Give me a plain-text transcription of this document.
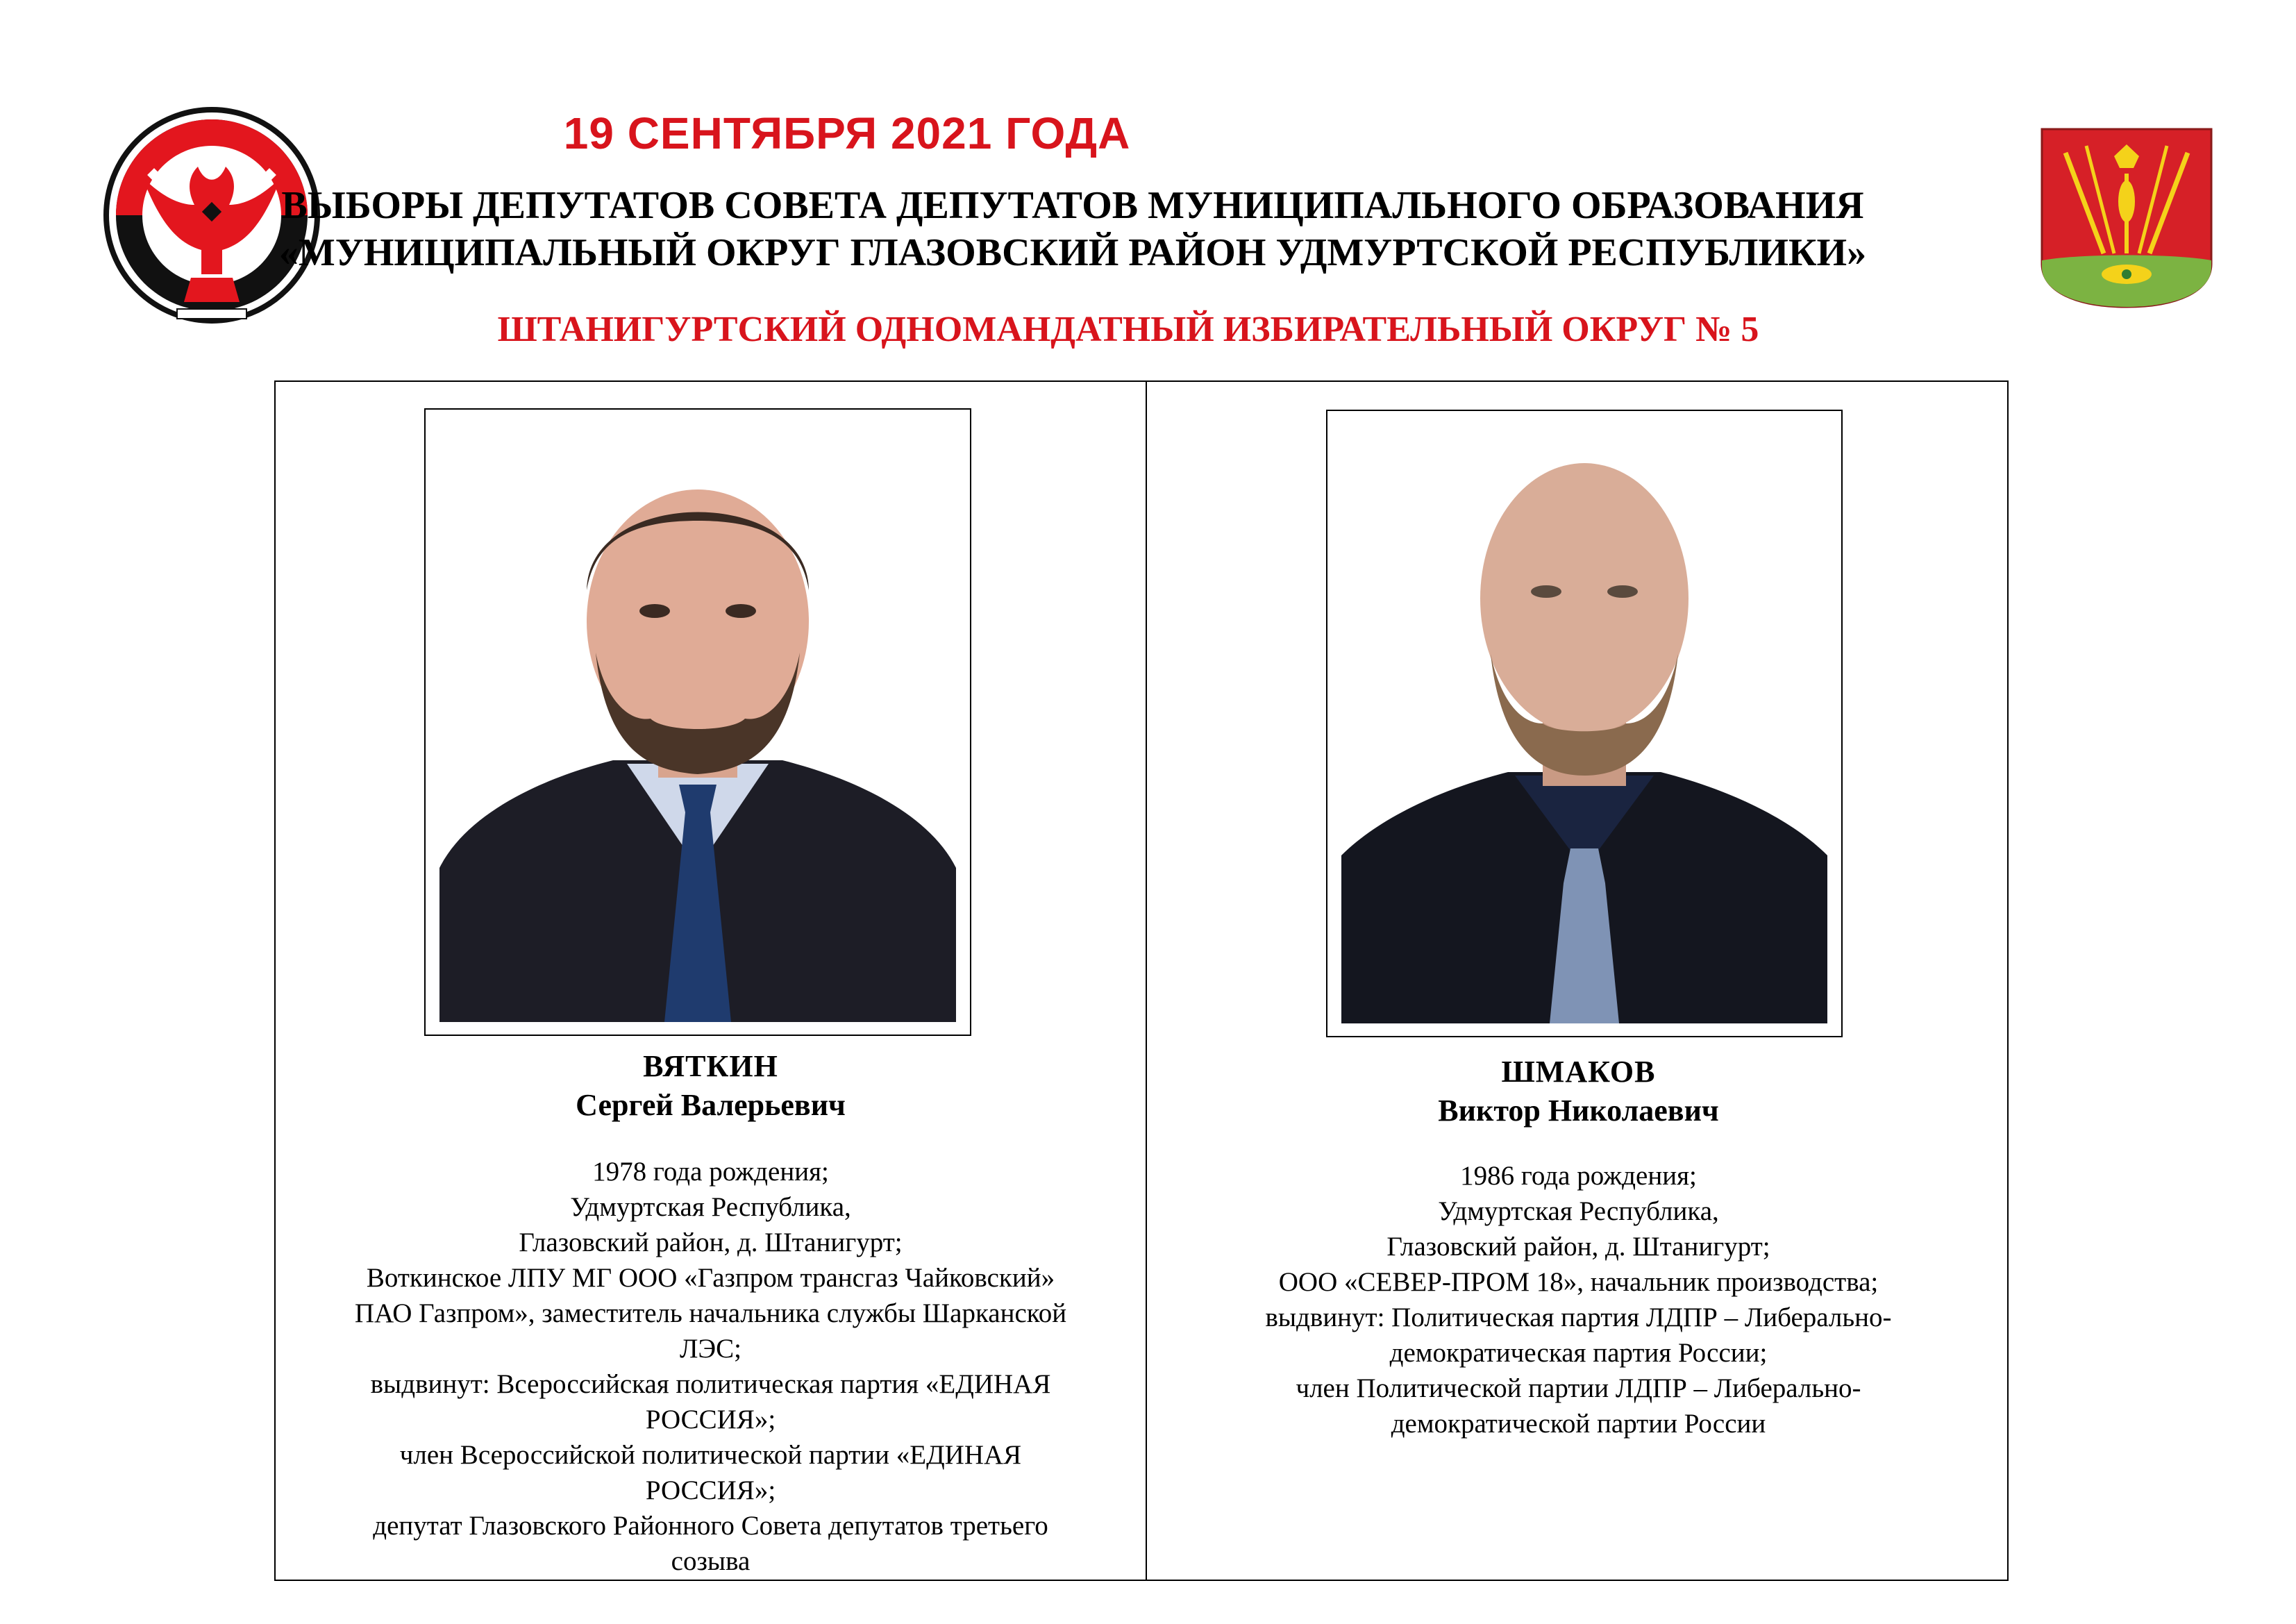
19 СЕНТЯБРЯ 2021 ГОДА
ВЫБОРЫ ДЕПУТАТОВ СОВЕТА ДЕПУТАТОВ МУНИЦИПАЛЬНОГО ОБРАЗОВАНИЯ
«МУНИЦИПАЛЬНЫЙ ОКРУГ ГЛАЗОВСКИЙ РАЙОН УДМУРТСКОЙ РЕСПУБЛИКИ»
ШТАНИГУРТСКИЙ ОДНОМАНДАТНЫЙ ИЗБИРАТЕЛЬНЫЙ ОКРУГ № 5
ВЯТКИН
Сергей Валерьевич
1978 года рождения;
Удмуртская Республика,
Глазовский район, д. Штанигурт;
Воткинское ЛПУ МГ ООО «Газпром трансгаз Чайковский»
ПАО Газпром», заместитель начальника службы Шарканской
ЛЭС;
выдвинут: Всероссийская политическая партия «ЕДИНАЯ
РОССИЯ»;
член Всероссийской политической партии «ЕДИНАЯ
РОССИЯ»;
депутат Глазовского Районного Совета депутатов третьего
созыва
ШМАКОВ
Виктор Николаевич
1986 года рождения;
Удмуртская Республика,
Глазовский район, д. Штанигурт;
ООО «СЕВЕР-ПРОМ 18», начальник производства;
выдвинут: Политическая партия ЛДПР – Либерально-
демократическая партия России;
член Политической партии ЛДПР – Либерально-
демократической партии России
